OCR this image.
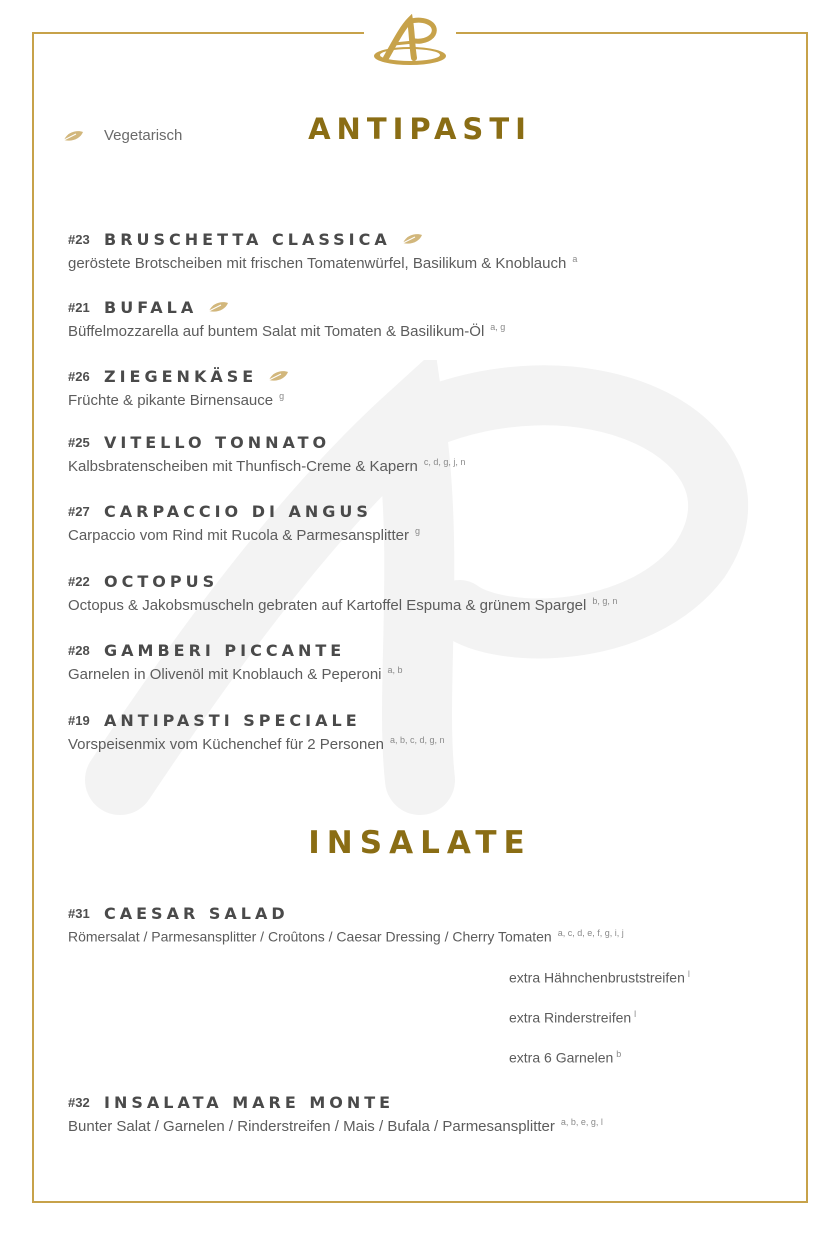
Vegetarisch	ANTIPASTI
INSALATE
#23 BRUSCHETTA CLASSICA
geröstete Brotscheiben mit frischen Tomatenwürfel, Basilikum & Knoblauch $^a$
#21 BUFALA
Büffelmozzarella auf buntem Salat mit Tomaten & Basilikum-Öl $^{a, g}$
#26 ZIEGENKÄSE
Früchte & pikante Birnensauce $^g$
#25 VITELLO TONNATO
Kalbsbratenscheiben mit Thunfisch-Creme & Kapern $^{c, d, g, j, n}$
#27 CARPACCIO DI ANGUS
Carpaccio vom Rind mit Rucola & Parmesansplitter $^g$
#22 OCTOPUS
Octopus & Jakobsmuscheln gebraten auf Kartoffel Espuma & grünem Spargel $^{b, g, n}$
#28 GAMBERI PICCANTE
Garnelen in Olivenöl mit Knoblauch & Peperoni $^{a, b}$
#19 ANTIPASTI SPECIALE
Vorspeisenmix vom Küchenchef für 2 Personen $^{a, b, c, d, g, n}$
#31 CAESAR SALAD
Römersalat / Parmesansplitter / Croûtons / Caesar Dressing / Cherry Tomaten $^{a, c, d, e, f, g, i, j}$
extra Hähnchenbruststreifen $^l$
extra Rinderstreifen $^l$
extra 6 Garnelen $^b$
#32 INSALATA MARE MONTE
Bunter Salat / Garnelen / Rinderstreifen / Mais / Bufala / Parmesansplitter $^{a, b, e, g, l}$
